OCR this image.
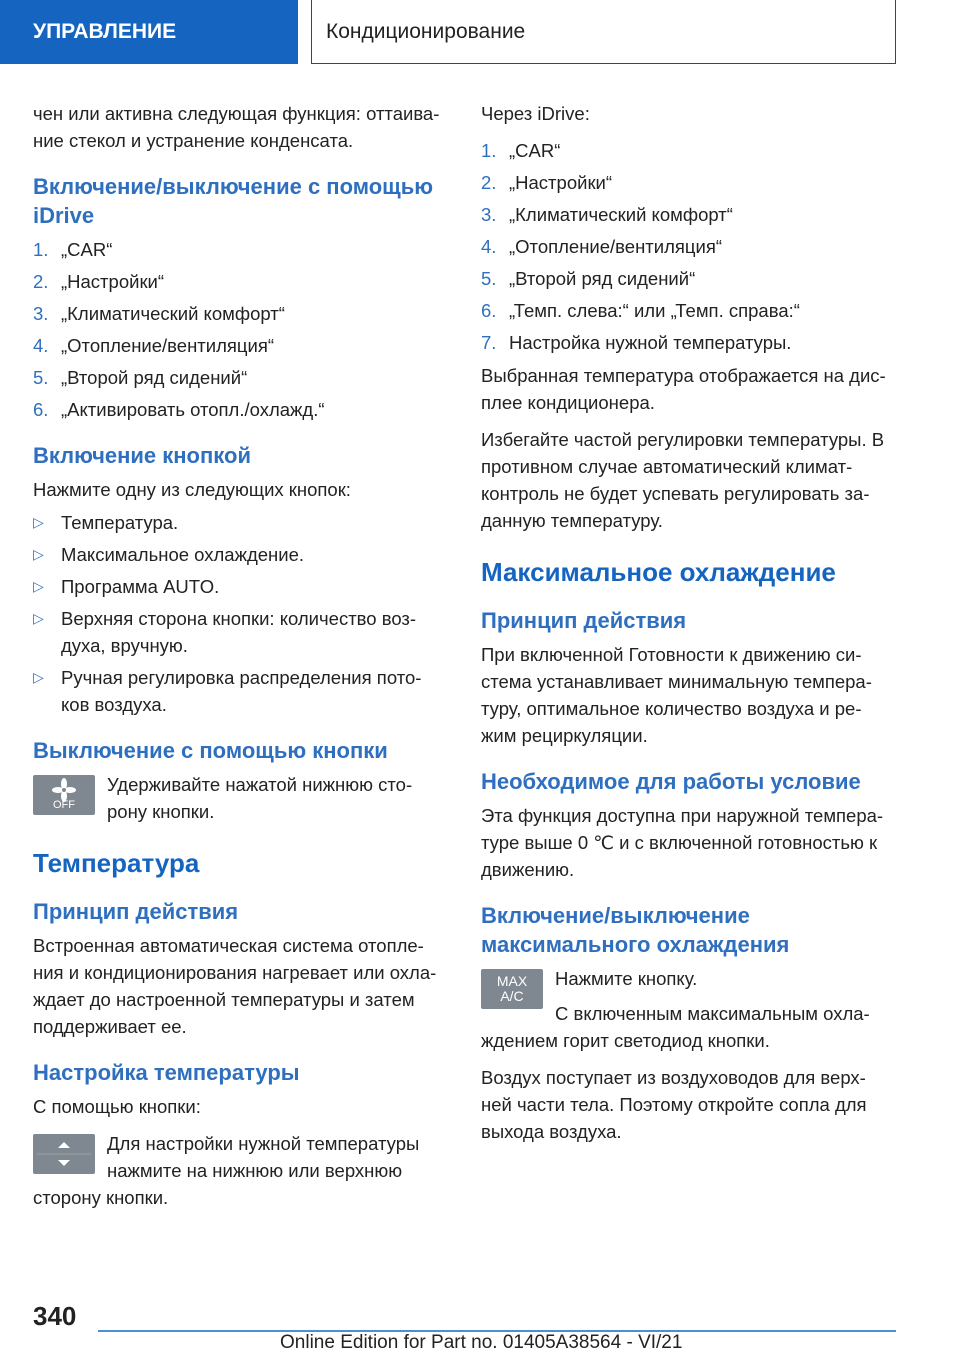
УПРАВЛЕНИЕ	Кондиционирование

чен или активна следующая функция: оттаива-ние стекол и устранение конденсата.

Включение/выключение с помощью iDrive
1. „CAR“
2. „Настройки“
3. „Климатический комфорт“
4. „Отопление/вентиляция“
5. „Второй ряд сидений“
6. „Активировать отопл./охлажд.“
Включение кнопкой

Нажмите одну из следующих кнопок:

▷ Температура.
▷ Максимальное охлаждение.
▷ Программа AUTO.
▷ Верхняя сторона кнопки: количество воз-духа, вручную.
▷ Ручная регулировка распределения пото-ков воздуха.
Выключение с помощью кнопки
OFF
Удерживайте нажатой нижнюю сто-рону кнопки.
Температура
Принцип действия

Встроенная автоматическая система отопле-ния и кондиционирования нагревает или охла-ждает до настроенной температуры и затем поддерживает ее.

Настройка температуры

С помощью кнопки:

Для настройки нужной температуры нажмите на нижнюю или верхнюю сторону кнопки.

Через iDrive:

1. „CAR“
2. „Настройки“
3. „Климатический комфорт“
4. „Отопление/вентиляция“
5. „Второй ряд сидений“
6. „Темп. слева:“ или „Темп. справа:“
7. Настройка нужной температуры.

Выбранная температура отображается на дис-плее кондиционера.

Избегайте частой регулировки температуры. В противном случае автоматический климат-контроль не будет успевать регулировать за-данную температуру.

Максимальное охлаждение
Принцип действия

При включенной Готовности к движению си-стема устанавливает минимальную темпера-туру, оптимальное количество воздуха и ре-жим рециркуляции.

Необходимое для работы условие

Эта функция доступна при наружной темпера-туре выше 0 ℃ и с включенной готовностью к движению.

Включение/выключение максимального охлаждения
MAX
A/C
Нажмите кнопку.
С включенным максимальным охла-ждением горит светодиод кнопки.

Воздух поступает из воздуховодов для верх-ней части тела. Поэтому откройте сопла для выхода воздуха.

340
Online Edition for Part no. 01405A38564 - VI/21
